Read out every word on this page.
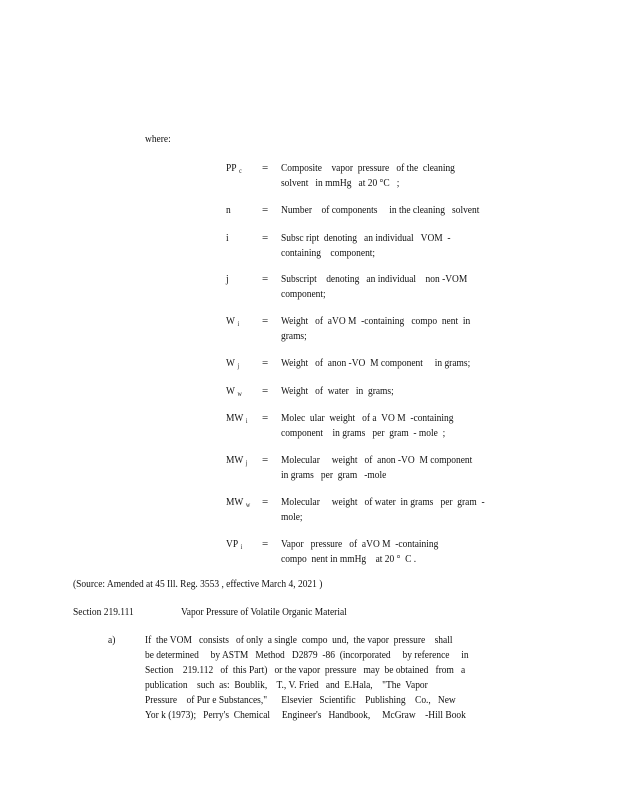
where:
PP $_c$ = Composite    vapor  pressure   of the  cleaning
solvent   in mmHg   at 20 °C   ;
n	= Number    of components     in the cleaning   solvent
i	= Subsc ript  denoting   an individual   VOM  -
containing    component;
j	= Subscript    denoting   an individual    non -VOM
component;
W $_i$ = Weight   of  aVO M  -containing   compo  nent  in
grams;
W $_j$ = Weight   of  anon -VO  M component     in grams;
W $_w$ = Weight   of  water   in  grams;
MW $_i$ = Molec  ular  weight   of a  VO M  -containing
component    in grams   per  gram  - mole  ;
MW $_j$ = Molecular     weight   of  anon -VO  M component
in grams   per  gram   -mole
MW $_w$ = Molecular     weight   of water  in grams   per  gram  -
mole;
VP $_i$ = Vapor   pressure   of  aVO M  -containing
compo  nent in mmHg    at 20 °  C .
(Source: Amended at 45 Ill. Reg. 3553 , effective March 4, 2021 )
Section 219.111	Vapor Pressure of Volatile Organic Material
a)	If  the VOM   consists   of only  a single  compo  und,  the vapor  pressure    shall
be determined     by ASTM   Method   D2879  -86  (incorporated     by reference     in
Section    219.112   of  this Part)   or the vapor  pressure   may  be obtained   from   a
publication    such  as:  Boublik,    T., V. Fried   and  E.Hala,    "The  Vapor
Pressure    of Pur e Substances,"      Elsevier   Scientific    Publishing    Co.,   New
Yor k (1973);   Perry's  Chemical     Engineer's   Handbook,     McGraw    -Hill Book
